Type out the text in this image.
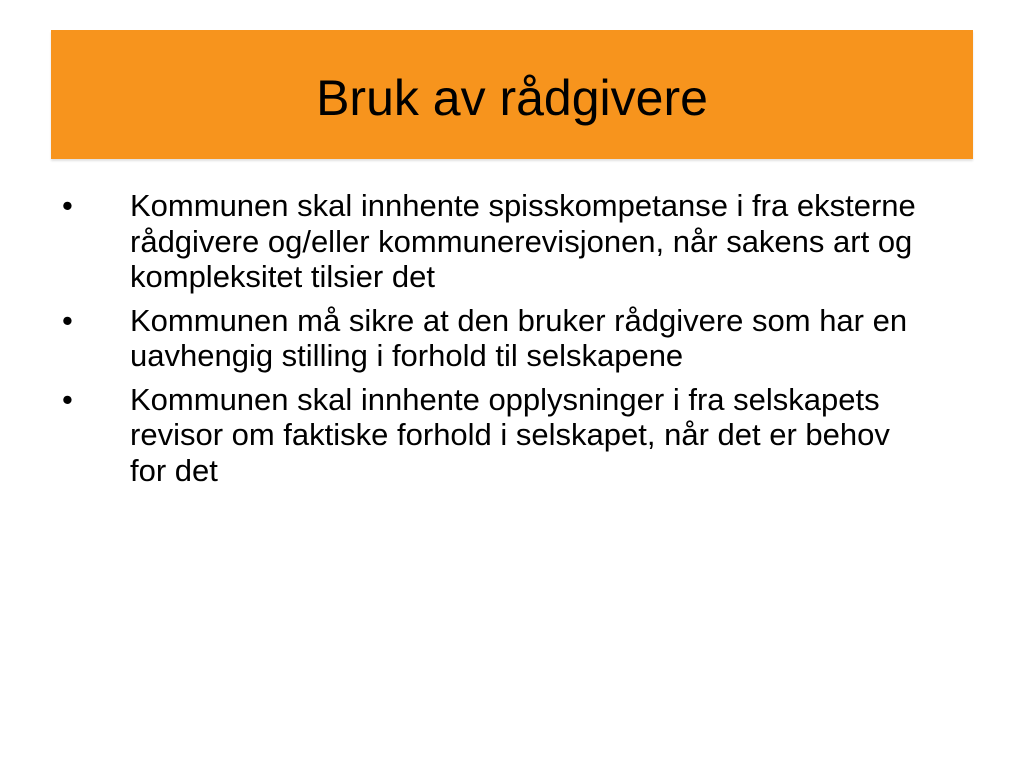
Bruk av rådgivere
•	Kommunen skal innhente spisskompetanse i fra eksterne rådgivere og/eller kommunerevisjonen, når sakens art og kompleksitet tilsier det
•	Kommunen må sikre at den bruker rådgivere som har en uavhengig stilling i forhold til selskapene
•	Kommunen skal innhente opplysninger i fra selskapets revisor om faktiske forhold i selskapet, når det er behov for det
